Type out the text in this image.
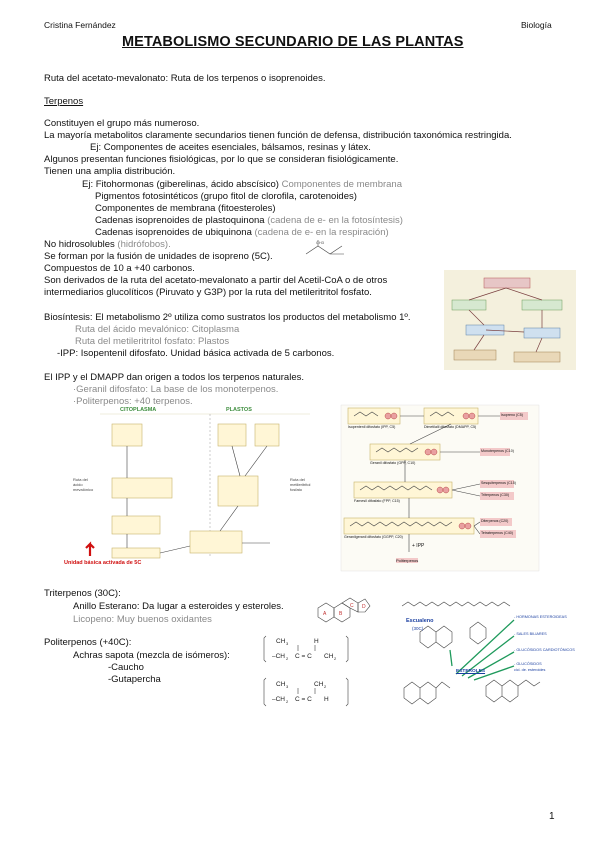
Cristina Fernández	Biología
METABOLISMO SECUNDARIO DE LAS PLANTAS
Ruta del acetato-mevalonato: Ruta de los terpenos o isoprenoides.
Terpenos
Constituyen el grupo más numeroso.
La mayoría metabolitos claramente secundarios tienen función de defensa, distribución taxonómica restringida.
Ej: Componentes de aceites esenciales, bálsamos, resinas y látex.
Algunos presentan funciones fisiológicas, por lo que se consideran fisiológicamente.
Tienen una amplia distribución.
Ej: Fitohormonas (giberelinas, ácido abscísico) Componentes de membrana
Pigmentos fotosintéticos (grupo fitol de clorofila, carotenoides)
Componentes de membrana (fitoesteroles)
Cadenas isoprenoides de plastoquinona (cadena de e- en la fotosíntesis)
Cadenas isoprenoides de ubiquinona (cadena de e- en la respiración)
No hidrosolubles (hidrófobos).
Se forman por la fusión de unidades de isopreno (5C).
Compuestos de 10 a +40 carbonos.
Son derivados de la ruta del acetato-mevalonato a partir del Acetil-CoA o de otros
intermediarios glucolíticos (Piruvato y G3P) por la ruta del metileritritol fosfato.
CH3
Biosíntesis: El metabolismo 2º utiliza como sustratos los productos del metabolismo 1º.
Ruta del ácido mevalónico: Citoplasma
Ruta del metileritritol fosfato: Plastos
-IPP: Isopentenil difosfato. Unidad básica activada de 5 carbonos.
El IPP y el DMAPP dan origen a todos los terpenos naturales.
·Geranil difosfato: La base de los monoterpenos.
·Politerpenos: +40 terpenos.
Ruta del
ácido
mevalónico
Ruta del
metileritritol
fosfato
CITOPLASMA	PLASTOS
Unidad básica activada de 5C
Isopentenil difosfato (IPP, C5)	Dimetilalil difosfato (DMAPP, C5)
Isopreno (C5)
Geranil difosfato (GPP, C10)
Monoterpenos (C10)
Farnesil difosfato (FPP, C15)
Sesquiterpenos (C15)
Triterpenos (C30)
Geranilgeranil difosfato (GGPP, C20)
Diterpenos (C20)
Tetraterpenos (C40)
+ IPP
Politerpenos
Triterpenos (30C):
Anillo Esterano: Da lugar a esteroides y esteroles.
Licopeno: Muy buenos oxidantes	A	B
C D
Politerpenos (+40C):
Achras sapota (mezcla de isómeros):
-Caucho
-Gutapercha
CH 3	H
–CH 2 C = C CH 2
CH 3	CH 2
–CH 2 C = C H
Escualeno
(30C)
ESTEROLES
- HORMONAS ESTEROIDEAS
- SALES BILIARES
- GLUCÓSIDOS CARDIOTÓNICOS
- GLUCÓSIDOS
cicl. de. esteroides
1
